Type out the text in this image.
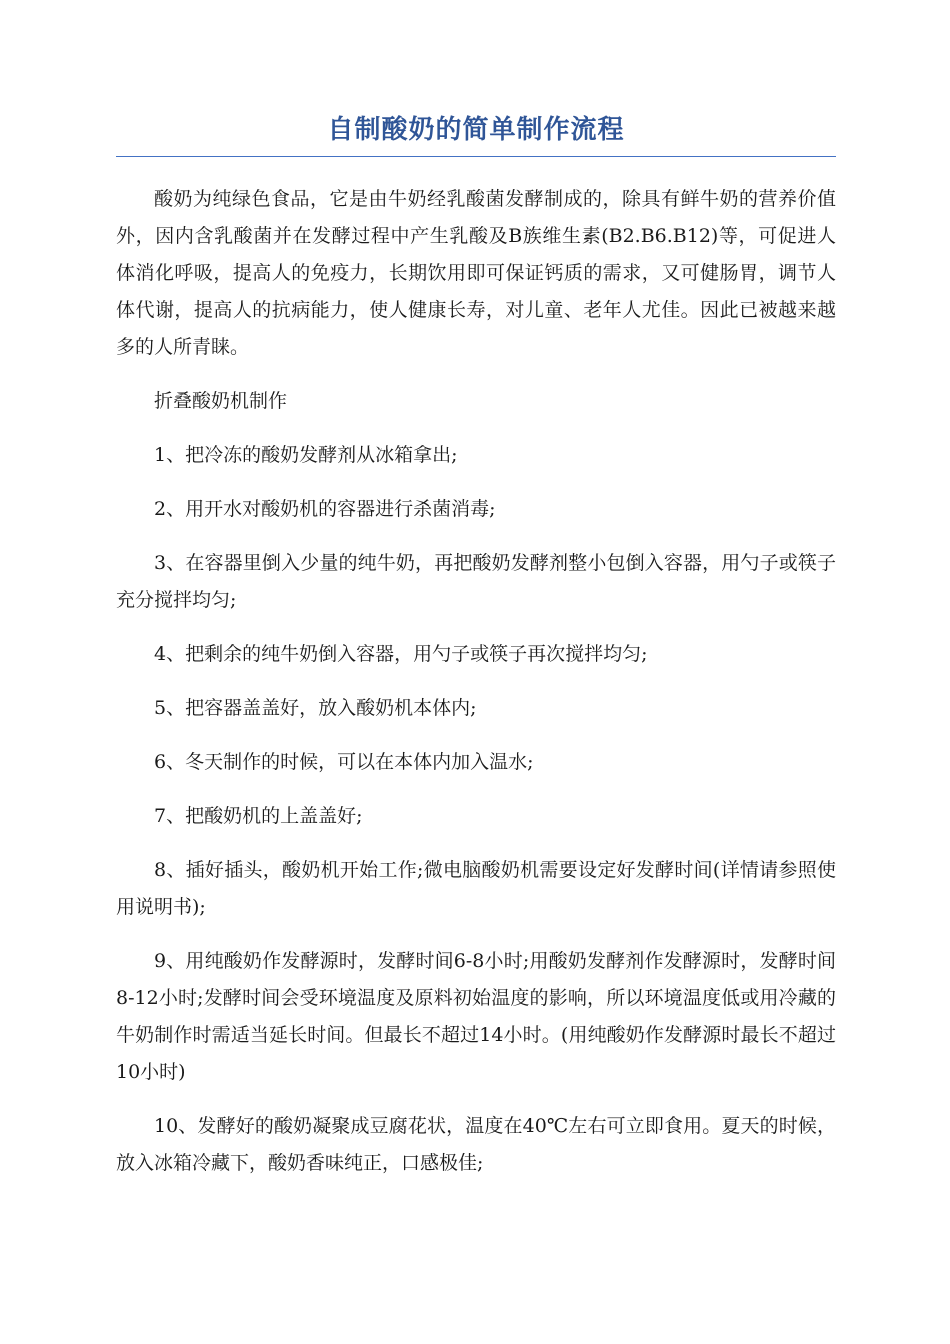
自制酸奶的简单制作流程

酸奶为纯绿色食品，它是由牛奶经乳酸菌发酵制成的，除具有鲜牛奶的营养价值外，因内含乳酸菌并在发酵过程中产生乳酸及B族维生素(B2.B6.B12)等，可促进人体消化呼吸，提高人的免疫力，长期饮用即可保证钙质的需求，又可健肠胃，调节人体代谢，提高人的抗病能力，使人健康长寿，对儿童、老年人尤佳。因此已被越来越多的人所青睐。

折叠酸奶机制作

1、把冷冻的酸奶发酵剂从冰箱拿出;

2、用开水对酸奶机的容器进行杀菌消毒;

3、在容器里倒入少量的纯牛奶，再把酸奶发酵剂整小包倒入容器，用勺子或筷子充分搅拌均匀;

4、把剩余的纯牛奶倒入容器，用勺子或筷子再次搅拌均匀;

5、把容器盖盖好，放入酸奶机本体内;

6、冬天制作的时候，可以在本体内加入温水;

7、把酸奶机的上盖盖好;

8、插好插头，酸奶机开始工作;微电脑酸奶机需要设定好发酵时间(详情请参照使用说明书);

9、用纯酸奶作发酵源时，发酵时间6-8小时;用酸奶发酵剂作发酵源时，发酵时间8-12小时;发酵时间会受环境温度及原料初始温度的影响，所以环境温度低或用冷藏的牛奶制作时需适当延长时间。但最长不超过14小时。(用纯酸奶作发酵源时最长不超过10小时)

10、发酵好的酸奶凝聚成豆腐花状，温度在40℃左右可立即食用。夏天的时候，放入冰箱冷藏下，酸奶香味纯正，口感极佳;
